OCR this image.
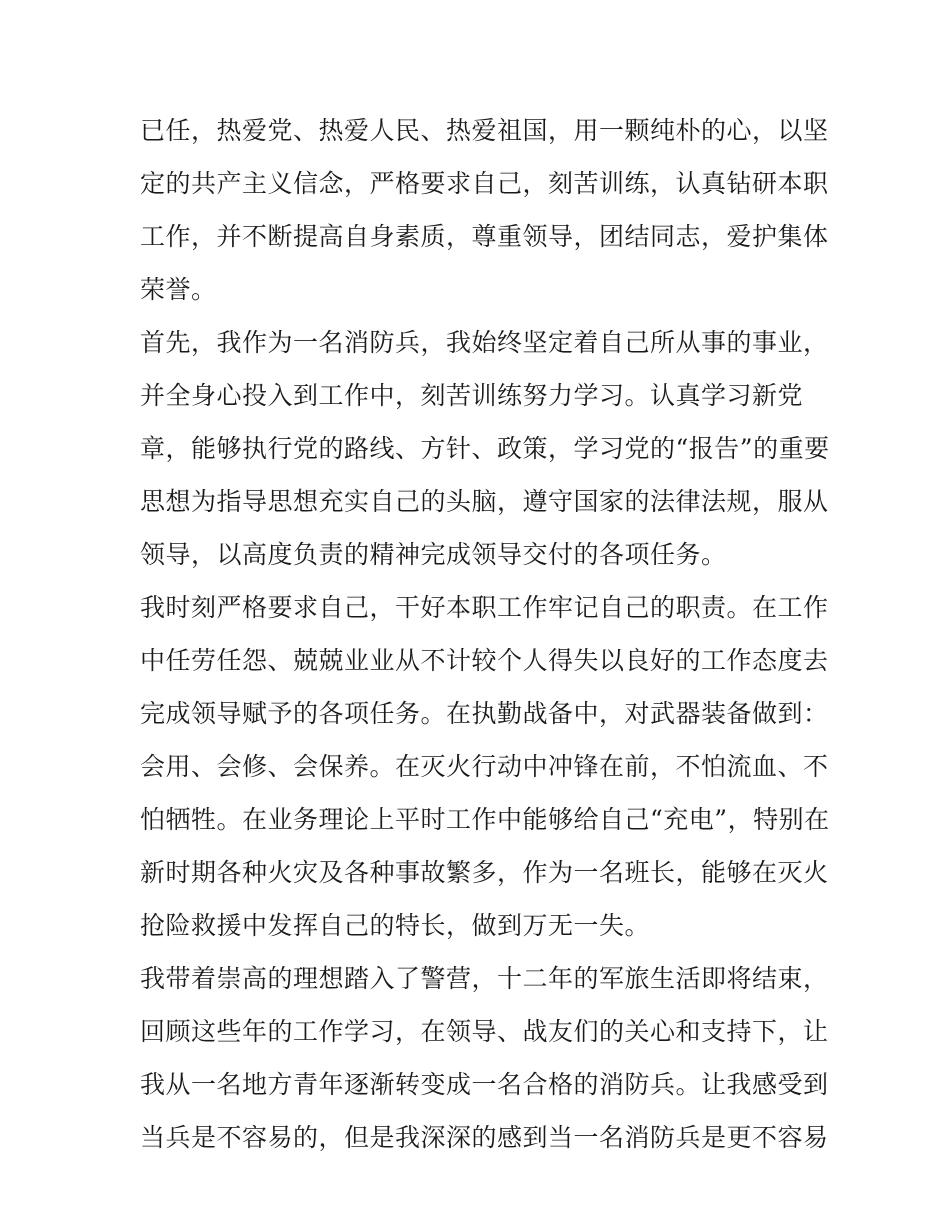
已任，热爱党、热爱人民、热爱祖国，用一颗纯朴的心，以坚
定的共产主义信念，严格要求自己，刻苦训练，认真钻研本职
工作，并不断提高自身素质，尊重领导，团结同志，爱护集体
荣誉。
首先，我作为一名消防兵，我始终坚定着自己所从事的事业，
并全身心投入到工作中，刻苦训练努力学习。认真学习新党
章，能够执行党的路线、方针、政策，学习党的“报告”的重要
思想为指导思想充实自己的头脑，遵守国家的法律法规，服从
领导，以高度负责的精神完成领导交付的各项任务。
我时刻严格要求自己，干好本职工作牢记自己的职责。在工作
中任劳任怨、兢兢业业从不计较个人得失以良好的工作态度去
完成领导赋予的各项任务。在执勤战备中，对武器装备做到：
会用、会修、会保养。在灭火行动中冲锋在前，不怕流血、不
怕牺牲。在业务理论上平时工作中能够给自己“充电”，特别在
新时期各种火灾及各种事故繁多，作为一名班长，能够在灭火
抢险救援中发挥自己的特长，做到万无一失。
我带着崇高的理想踏入了警营，十二年的军旅生活即将结束，
回顾这些年的工作学习，在领导、战友们的关心和支持下，让
我从一名地方青年逐渐转变成一名合格的消防兵。让我感受到
当兵是不容易的，但是我深深的感到当一名消防兵是更不容易
